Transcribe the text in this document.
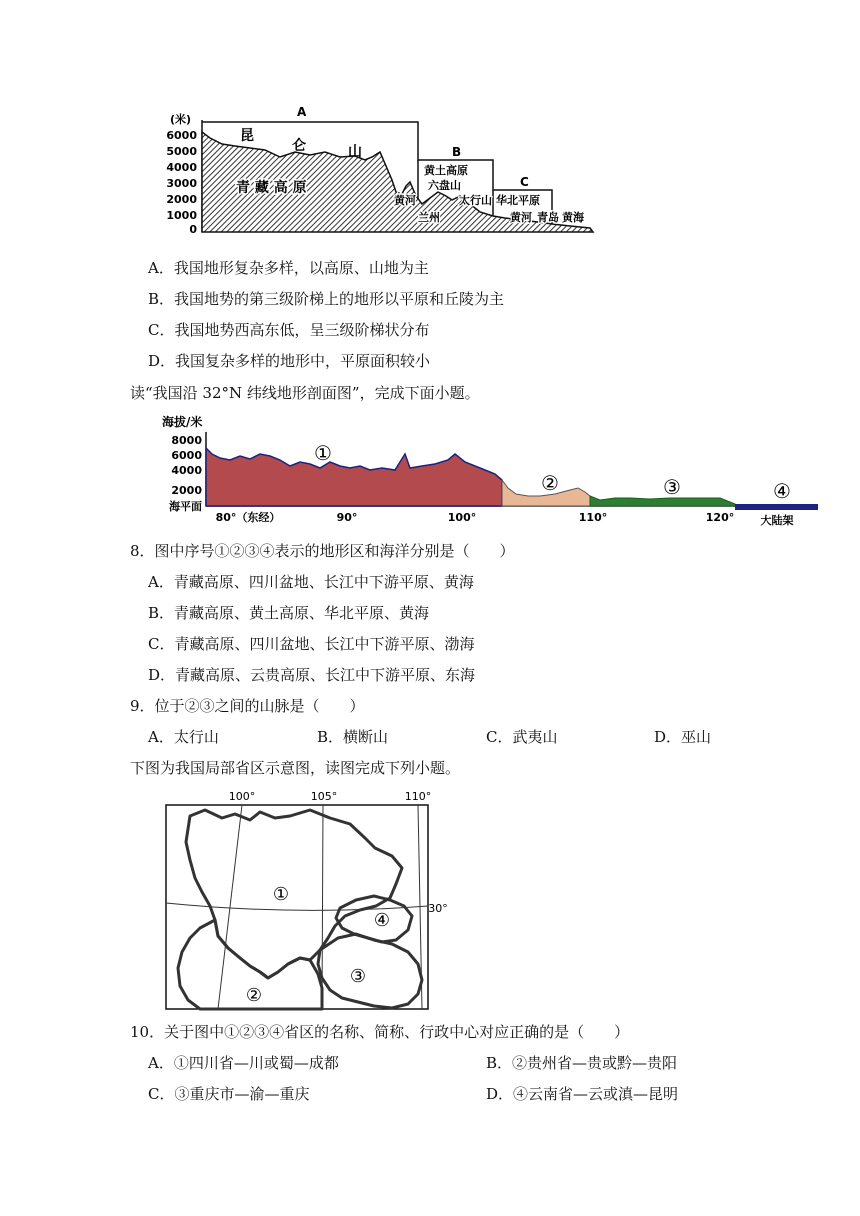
(米)
6000
5000
4000
3000
2000
1000
0
A
B
C
昆
仑	山
青 藏 高 原
黄土高原
六盘山
黄河
兰州
太行山 华北平原
黄河 青岛 黄海
A．我国地形复杂多样，以高原、山地为主
B．我国地势的第三级阶梯上的地形以平原和丘陵为主
C．我国地势西高东低，呈三级阶梯状分布
D．我国复杂多样的地形中，平原面积较小
读“我国沿 32°N 纬线地形剖面图”，完成下面小题。
海拔/米
8000
6000
4000
2000
海平面
①
②	③	④
80°（东经）	90°	100°	110°	120° 大陆架
8．图中序号①②③④表示的地形区和海洋分别是（　　）
A．青藏高原、四川盆地、长江中下游平原、黄海
B．青藏高原、黄土高原、华北平原、黄海
C．青藏高原、四川盆地、长江中下游平原、渤海
D．青藏高原、云贵高原、长江中下游平原、东海
9．位于②③之间的山脉是（　　）
A．太行山	B．横断山	C．武夷山	D．巫山
下图为我国局部省区示意图，读图完成下列小题。
100°	105°	110°
30°
①
②
③
④
10．关于图中①②③④省区的名称、简称、行政中心对应正确的是（　　）
A．①四川省—川或蜀—成都	B．②贵州省—贵或黔—贵阳
C．③重庆市—渝—重庆	D．④云南省—云或滇—昆明
